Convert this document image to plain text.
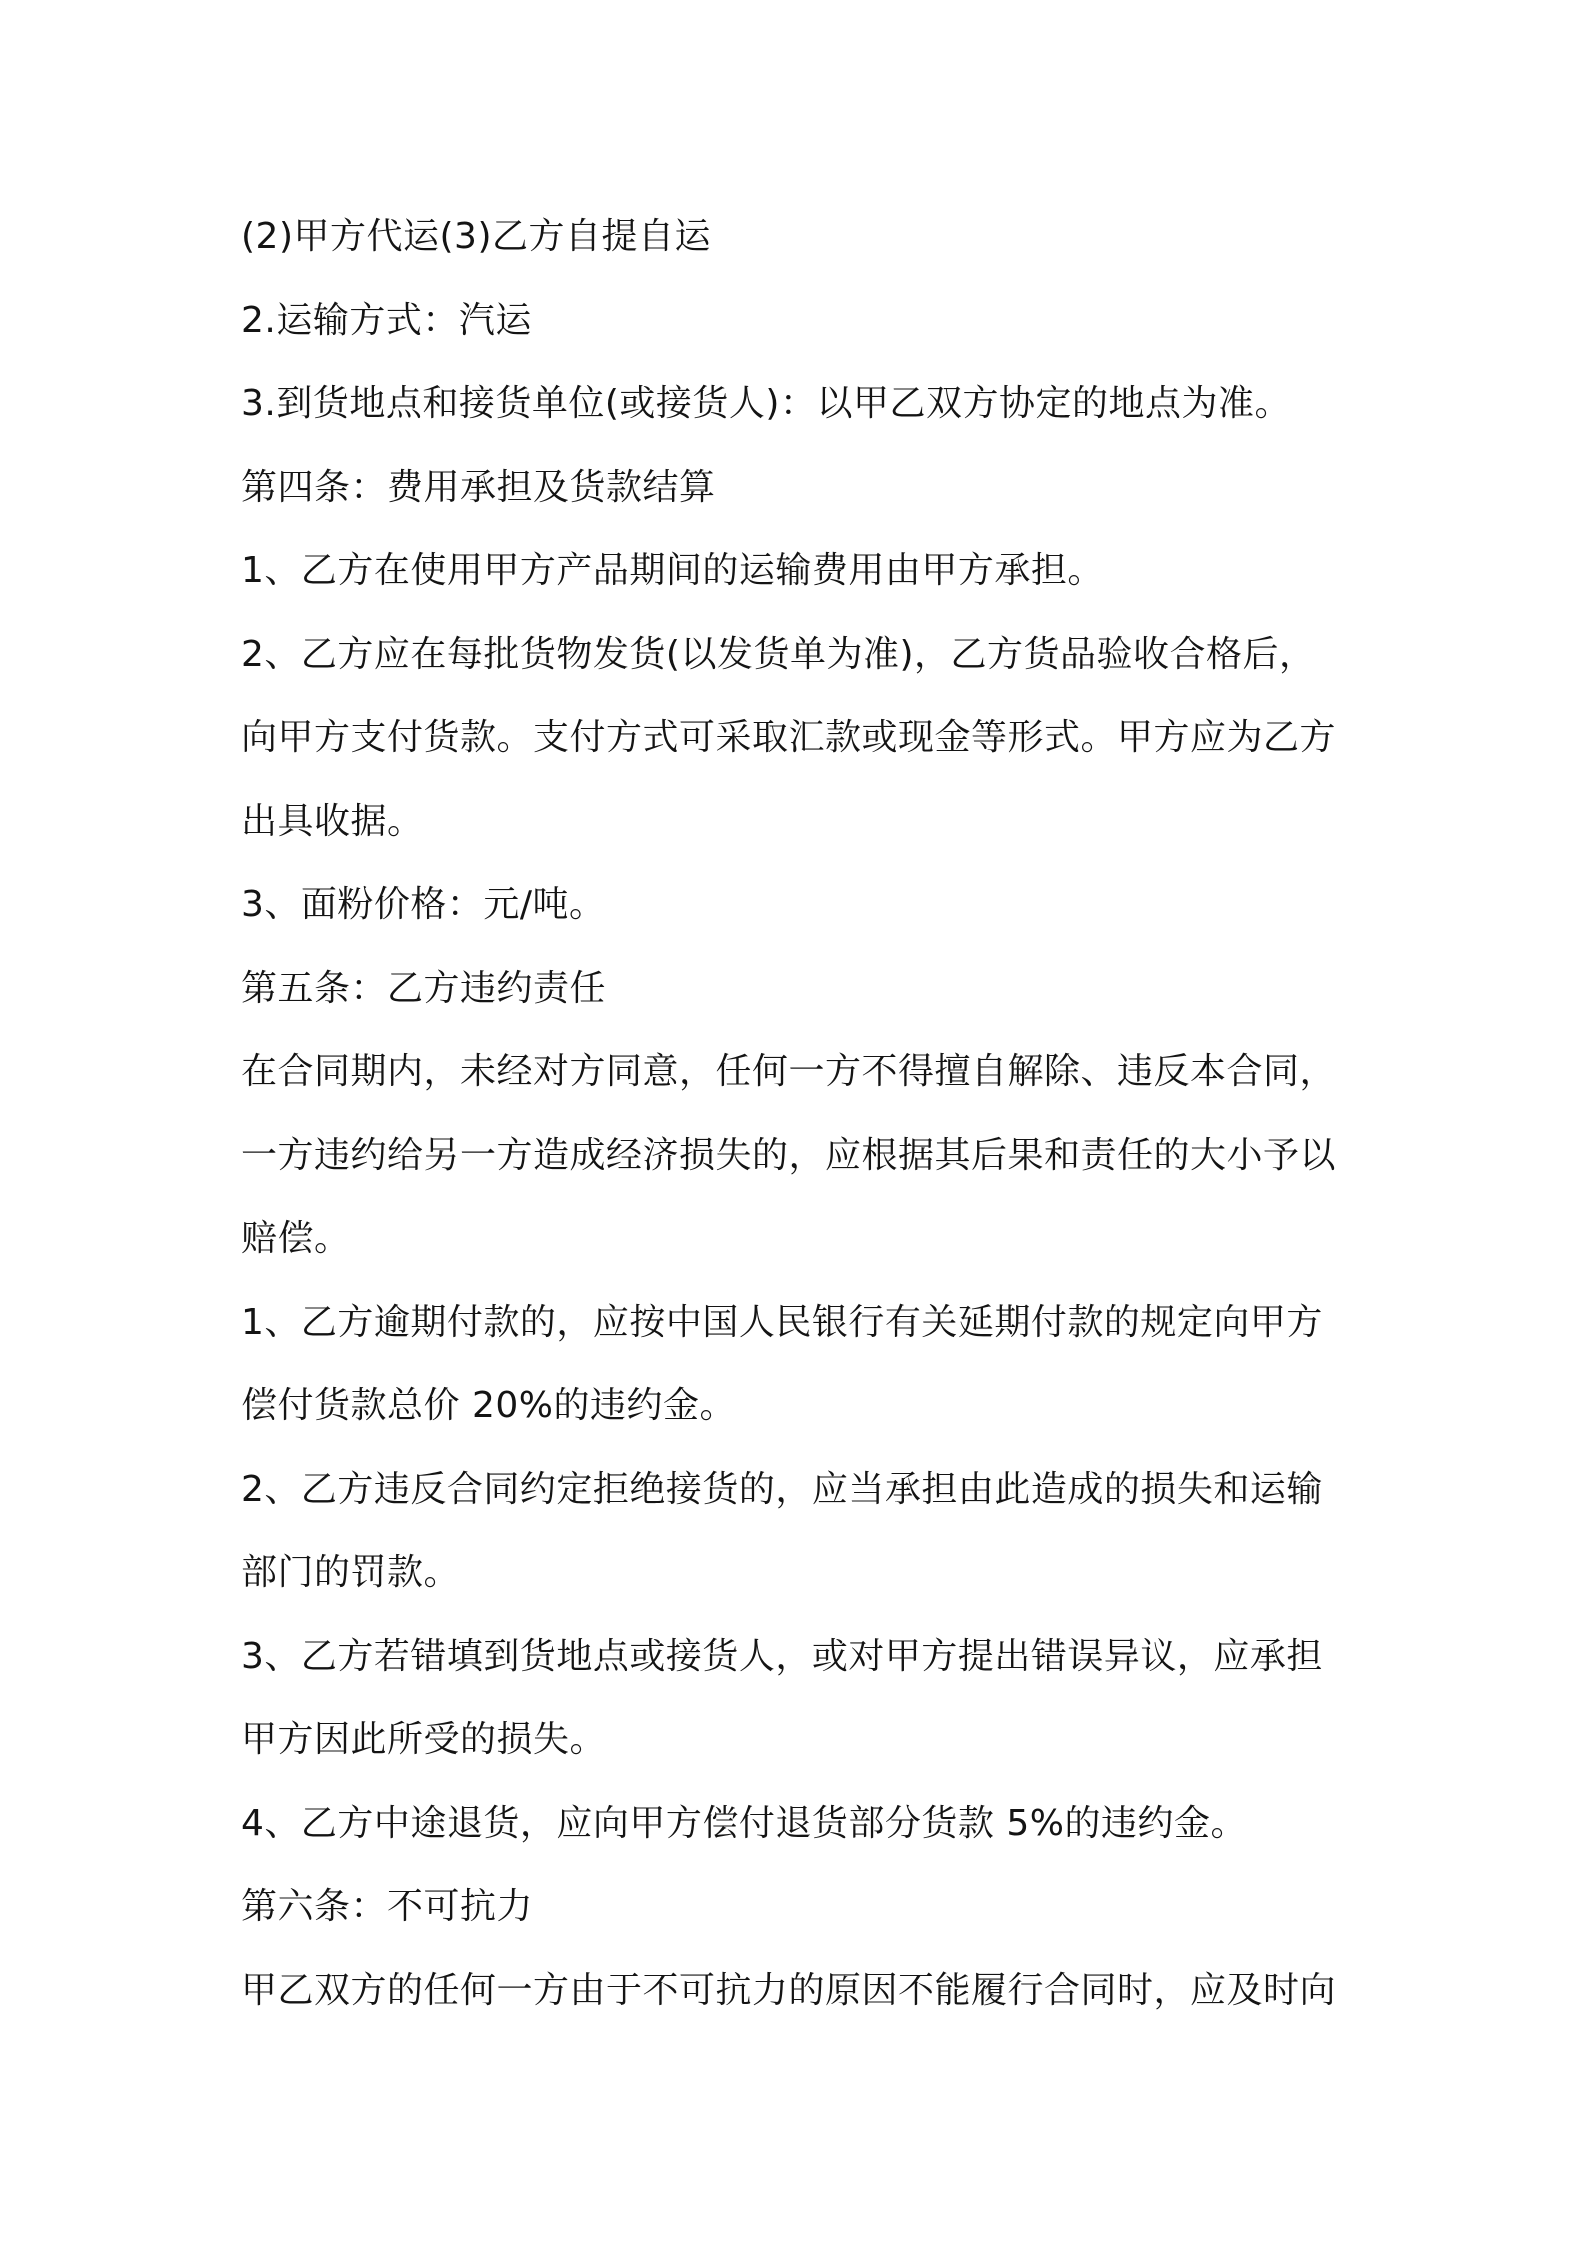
(2)甲方代运(3)乙方自提自运
2.运输方式：汽运
3.到货地点和接货单位(或接货人)：以甲乙双方协定的地点为准。
第四条：费用承担及货款结算
1、乙方在使用甲方产品期间的运输费用由甲方承担。
2、乙方应在每批货物发货(以发货单为准)，乙方货品验收合格后，
向甲方支付货款。支付方式可采取汇款或现金等形式。甲方应为乙方
出具收据。
3、面粉价格：元/吨。
第五条：乙方违约责任
在合同期内，未经对方同意，任何一方不得擅自解除、违反本合同，
一方违约给另一方造成经济损失的，应根据其后果和责任的大小予以
赔偿。
1、乙方逾期付款的，应按中国人民银行有关延期付款的规定向甲方
偿付货款总价 20%的违约金。
2、乙方违反合同约定拒绝接货的，应当承担由此造成的损失和运输
部门的罚款。
3、乙方若错填到货地点或接货人，或对甲方提出错误异议，应承担
甲方因此所受的损失。
4、乙方中途退货，应向甲方偿付退货部分货款 5%的违约金。
第六条：不可抗力
甲乙双方的任何一方由于不可抗力的原因不能履行合同时，应及时向
